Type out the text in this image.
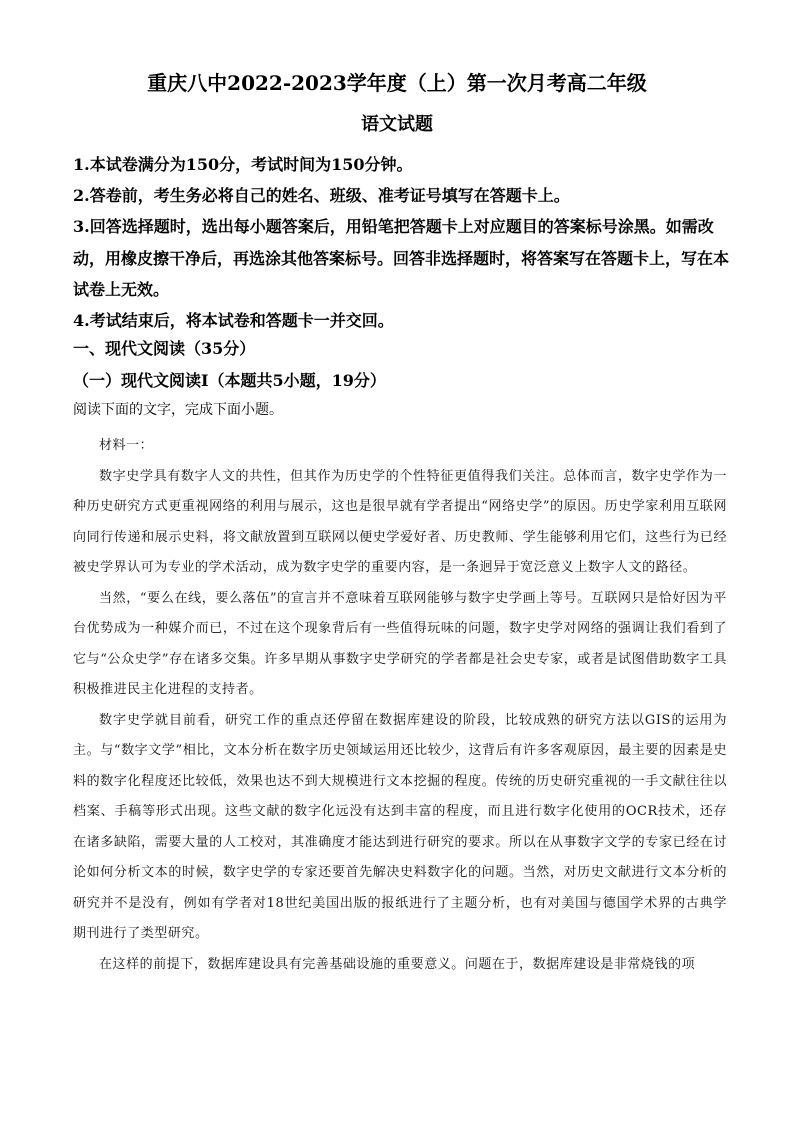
重庆八中2022-2023学年度（上）第一次月考高二年级
语文试题

1.本试卷满分为150分，考试时间为150分钟。

2.答卷前，考生务必将自己的姓名、班级、准考证号填写在答题卡上。

3.回答选择题时，选出每小题答案后，用铅笔把答题卡上对应题目的答案标号涂黑。如需改动，用橡皮擦干净后，再选涂其他答案标号。回答非选择题时，将答案写在答题卡上，写在本试卷上无效。

4.考试结束后，将本试卷和答题卡一并交回。

一、现代文阅读（35分）
（一）现代文阅读Ⅰ（本题共5小题，19分）
阅读下面的文字，完成下面小题。

材料一：

数字史学具有数字人文的共性，但其作为历史学的个性特征更值得我们关注。总体而言，数字史学作为一种历史研究方式更重视网络的利用与展示，这也是很早就有学者提出“网络史学”的原因。历史学家利用互联网向同行传递和展示史料，将文献放置到互联网以便史学爱好者、历史教师、学生能够利用它们，这些行为已经被史学界认可为专业的学术活动，成为数字史学的重要内容，是一条迥异于宽泛意义上数字人文的路径。

当然，“要么在线，要么落伍”的宣言并不意味着互联网能够与数字史学画上等号。互联网只是恰好因为平台优势成为一种媒介而已，不过在这个现象背后有一些值得玩味的问题，数字史学对网络的强调让我们看到了它与“公众史学”存在诸多交集。许多早期从事数字史学研究的学者都是社会史专家，或者是试图借助数字工具积极推进民主化进程的支持者。

数字史学就目前看，研究工作的重点还停留在数据库建设的阶段，比较成熟的研究方法以GIS的运用为主。与“数字文学”相比，文本分析在数字历史领域运用还比较少，这背后有许多客观原因，最主要的因素是史料的数字化程度还比较低，效果也达不到大规模进行文本挖掘的程度。传统的历史研究重视的一手文献往往以档案、手稿等形式出现。这些文献的数字化远没有达到丰富的程度，而且进行数字化使用的OCR技术，还存在诸多缺陷，需要大量的人工校对，其准确度才能达到进行研究的要求。所以在从事数字文学的专家已经在讨论如何分析文本的时候，数字史学的专家还要首先解决史料数字化的问题。当然，对历史文献进行文本分析的研究并不是没有，例如有学者对18世纪美国出版的报纸进行了主题分析，也有对美国与德国学术界的古典学期刊进行了类型研究。

在这样的前提下，数据库建设具有完善基础设施的重要意义。问题在于，数据库建设是非常烧钱的项
